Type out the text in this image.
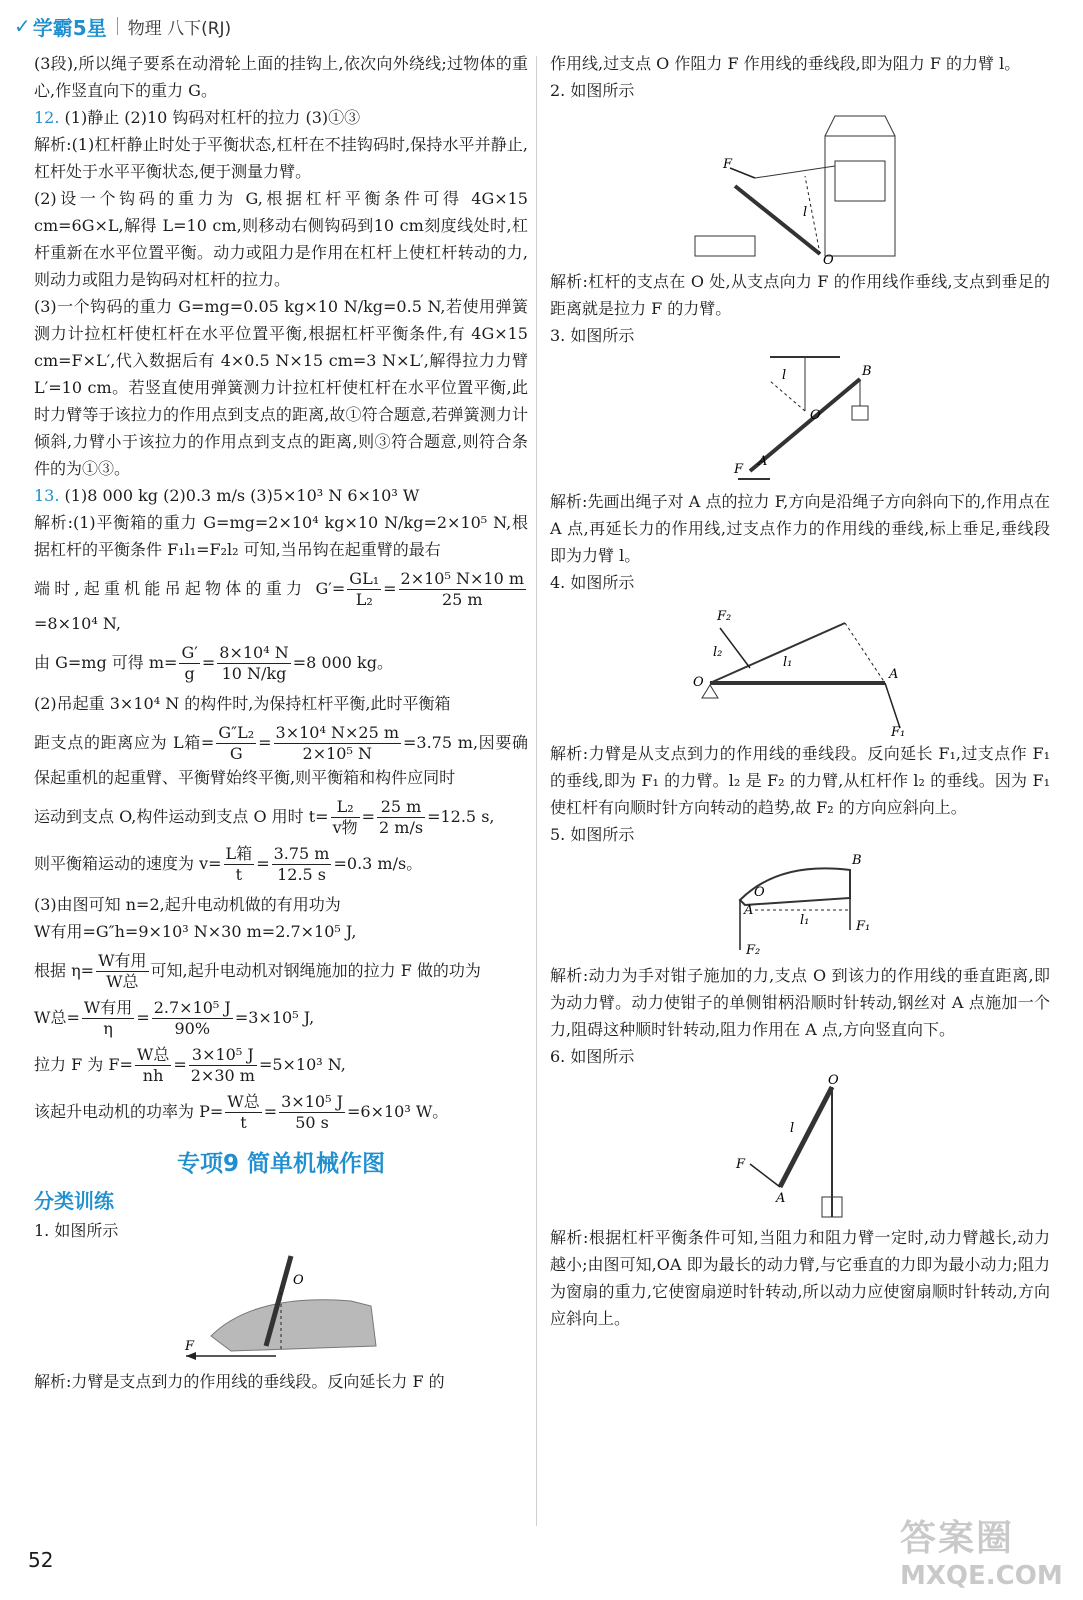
✓ 学霸5星 物理 八下(RJ)

(3段),所以绳子要系在动滑轮上面的挂钩上,依次向外绕线;过物体的重心,作竖直向下的重力 G。

12. (1)静止 (2)10 钩码对杠杆的拉力 (3)①③

解析:(1)杠杆静止时处于平衡状态,杠杆在不挂钩码时,保持水平并静止,杠杆处于水平平衡状态,便于测量力臂。

(2)设一个钩码的重力为 G,根据杠杆平衡条件可得 4G×15 cm=6G×L,解得 L=10 cm,则移动右侧钩码到10 cm刻度线处时,杠杆重新在水平位置平衡。动力或阻力是作用在杠杆上使杠杆转动的力,则动力或阻力是钩码对杠杆的拉力。

(3)一个钩码的重力 G=mg=0.05 kg×10 N/kg=0.5 N,若使用弹簧测力计拉杠杆使杠杆在水平位置平衡,根据杠杆平衡条件,有 4G×15 cm=F×L′,代入数据后有 4×0.5 N×15 cm=3 N×L′,解得拉力力臂 L′=10 cm。若竖直使用弹簧测力计拉杠杆使杠杆在水平位置平衡,此时力臂等于该拉力的作用点到支点的距离,故①符合题意,若弹簧测力计倾斜,力臂小于该拉力的作用点到支点的距离,则③符合题意,则符合条件的为①③。

13. (1)8 000 kg (2)0.3 m/s (3)5×10³ N 6×10³ W

解析:(1)平衡箱的重力 G=mg=2×10⁴ kg×10 N/kg=2×10⁵ N,根据杠杆的平衡条件 F₁l₁=F₂l₂ 可知,当吊钩在起重臂的最右

端时,起重机能吊起物体的重力 $G'= \frac{\text{GL₁}}{\text{L₂}} = \frac{\text{2×10⁵ N×10 m}}{25 m}$
=8×10⁴ N,

由 G=mg 可得 $m= \frac{G'}{g} = \frac{\text{8×10⁴ N}}{10 N/kg} =8$ 000 kg。

(2)吊起重 3×10⁴ N 的构件时,为保持杠杆平衡,此时平衡箱

距支点的距离应为 L箱= $\frac{\text{G″L₂}}{G} = \frac{\text{3×10⁴ N×25 m}}{\text{2×10⁵ N}} =3.75$ m,因要确保起重机的起重臂、平衡臂始终平衡,则平衡箱和构件应同时

运动到支点 O,构件运动到支点 O 用时 $t= \frac{\text{L₂}}{\text{v物}} = \frac{25 m}{2 m/s} =12.5$ s,

则平衡箱运动的速度为 $v= \frac{\text{L箱}}{t} = \frac{3.75 m}{12.5 s} =0.3$ m/s。

(3)由图可知 n=2,起升电动机做的有用功为

W有用=G″h=9×10³ N×30 m=2.7×10⁵ J,

根据 $\eta= \frac{\text{W有用}}{\text{W总}}$ 可知,起升电动机对钢绳施加的拉力 F 做的功为

W总= $\frac{\text{W有用}}{\eta} = \frac{\text{2.7×10⁵ J}}{90\%} =3\times 10^5$ J,

拉力 F 为 $F= \frac{\text{W总}}{nh} = \frac{\text{3×10⁵ J}}{2\times 30 m} =5\times 10^3$ N,

该起升电动机的功率为 $P= \frac{\text{W总}}{t} = \frac{\text{3×10⁵ J}}{50 s} =6\times 10^3$ W。

专项9 简单机械作图
分类训练

1. 如图所示

O
F

解析:力臂是支点到力的作用线的垂线段。反向延长力 F 的

作用线,过支点 O 作阻力 F 作用线的垂线段,即为阻力 F 的力臂 l。

2. 如图所示

F
l
O

解析:杠杆的支点在 O 处,从支点向力 F 的作用线作垂线,支点到垂足的距离就是拉力 F 的力臂。

3. 如图所示

l	B
O
A
F

解析:先画出绳子对 A 点的拉力 F,方向是沿绳子方向斜向下的,作用点在 A 点,再延长力的作用线,过支点作力的作用线的垂线,标上垂足,垂线段即为力臂 l。

4. 如图所示

F₂
l₂
l₁
O
A
F₁

解析:力臂是从支点到力的作用线的垂线段。反向延长 F₁,过支点作 F₁ 的垂线,即为 F₁ 的力臂。l₂ 是 F₂ 的力臂,从杠杆作 l₂ 的垂线。因为 F₁ 使杠杆有向顺时针方向转动的趋势,故 F₂ 的方向应斜向上。

5. 如图所示

B
O
A
l₁	F₁
F₂

解析:动力为手对钳子施加的力,支点 O 到该力的作用线的垂直距离,即为动力臂。动力使钳子的单侧钳柄沿顺时针转动,钢丝对 A 点施加一个力,阻碍这种顺时针转动,阻力作用在 A 点,方向竖直向下。

6. 如图所示

O
l
F
A

解析:根据杠杆平衡条件可知,当阻力和阻力臂一定时,动力臂越长,动力越小;由图可知,OA 即为最长的动力臂,与它垂直的力即为最小动力;阻力为窗扇的重力,它使窗扇逆时针转动,所以动力应使窗扇顺时针转动,方向应斜向上。

52
答案圈
MXQE.COM
